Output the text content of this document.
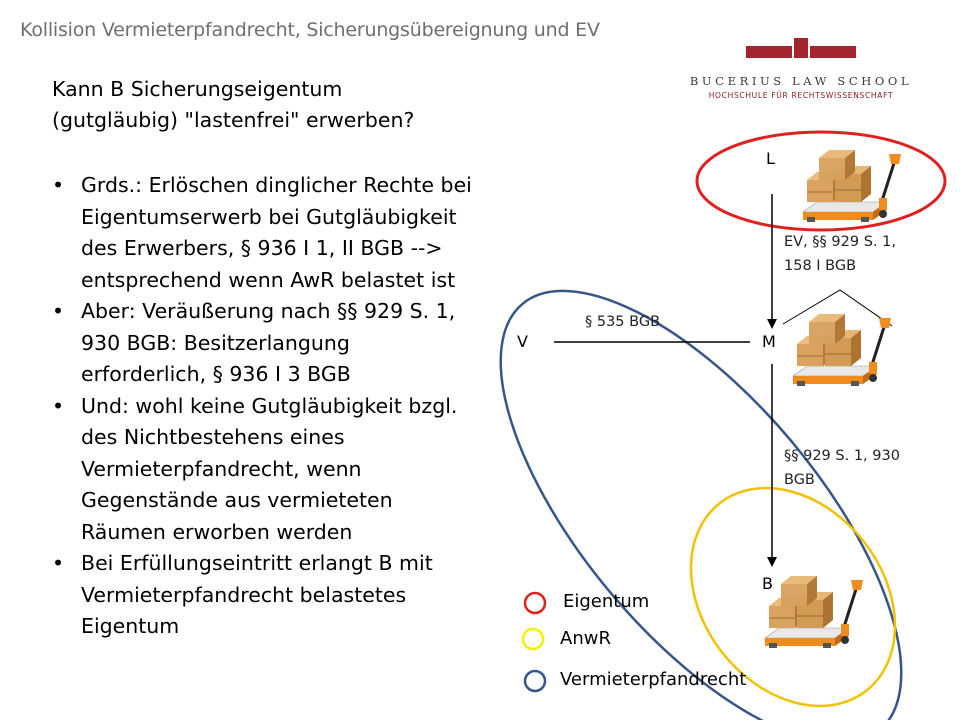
Kollision Vermieterpfandrecht, Sicherungsübereignung und EV
BUCERIUS LAW SCHOOL
HOCHSCHULE FÜR RECHTSWISSENSCHAFT
Kann B Sicherungseigentum
(gutgläubig) "lastenfrei" erwerben?
• Grds.: Erlöschen dinglicher Rechte bei Eigentumserwerb bei Gutgläubigkeit des Erwerbers, § 936 I 1, II BGB --> entsprechend wenn AwR belastet ist
• Aber: Veräußerung nach §§ 929 S. 1, 930 BGB: Besitzerlangung erforderlich, § 936 I 3 BGB
• Und: wohl keine Gutgläubigkeit bzgl. des Nichtbestehens eines Vermieterpfandrecht, wenn Gegenstände aus vermieteten Räumen erworben werden
• Bei Erfüllungseintritt erlangt B mit Vermieterpfandrecht belastetes Eigentum
L
V	M
B
EV, §§ 929 S. 1,
158 I BGB
§ 535 BGB
§§ 929 S. 1, 930
BGB
Eigentum
AnwR
Vermieterpfandrecht
